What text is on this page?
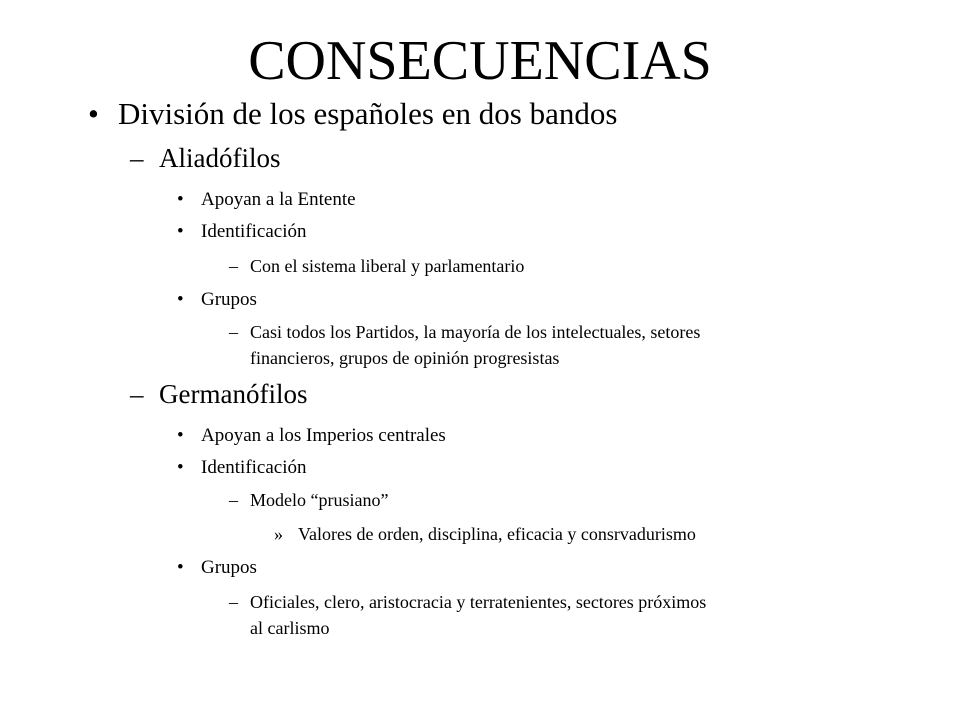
CONSECUENCIAS
• División de los españoles en dos bandos
– Aliadófilos
• Apoyan a la Entente
• Identificación
– Con el sistema liberal y parlamentario
• Grupos
– Casi todos los Partidos, la mayoría de los intelectuales, setores
financieros, grupos de opinión progresistas
– Germanófilos
• Apoyan a los Imperios centrales
• Identificación
– Modelo “prusiano”
» Valores de orden, disciplina, eficacia y consrvadurismo
• Grupos
– Oficiales, clero, aristocracia y terratenientes, sectores próximos
al carlismo
